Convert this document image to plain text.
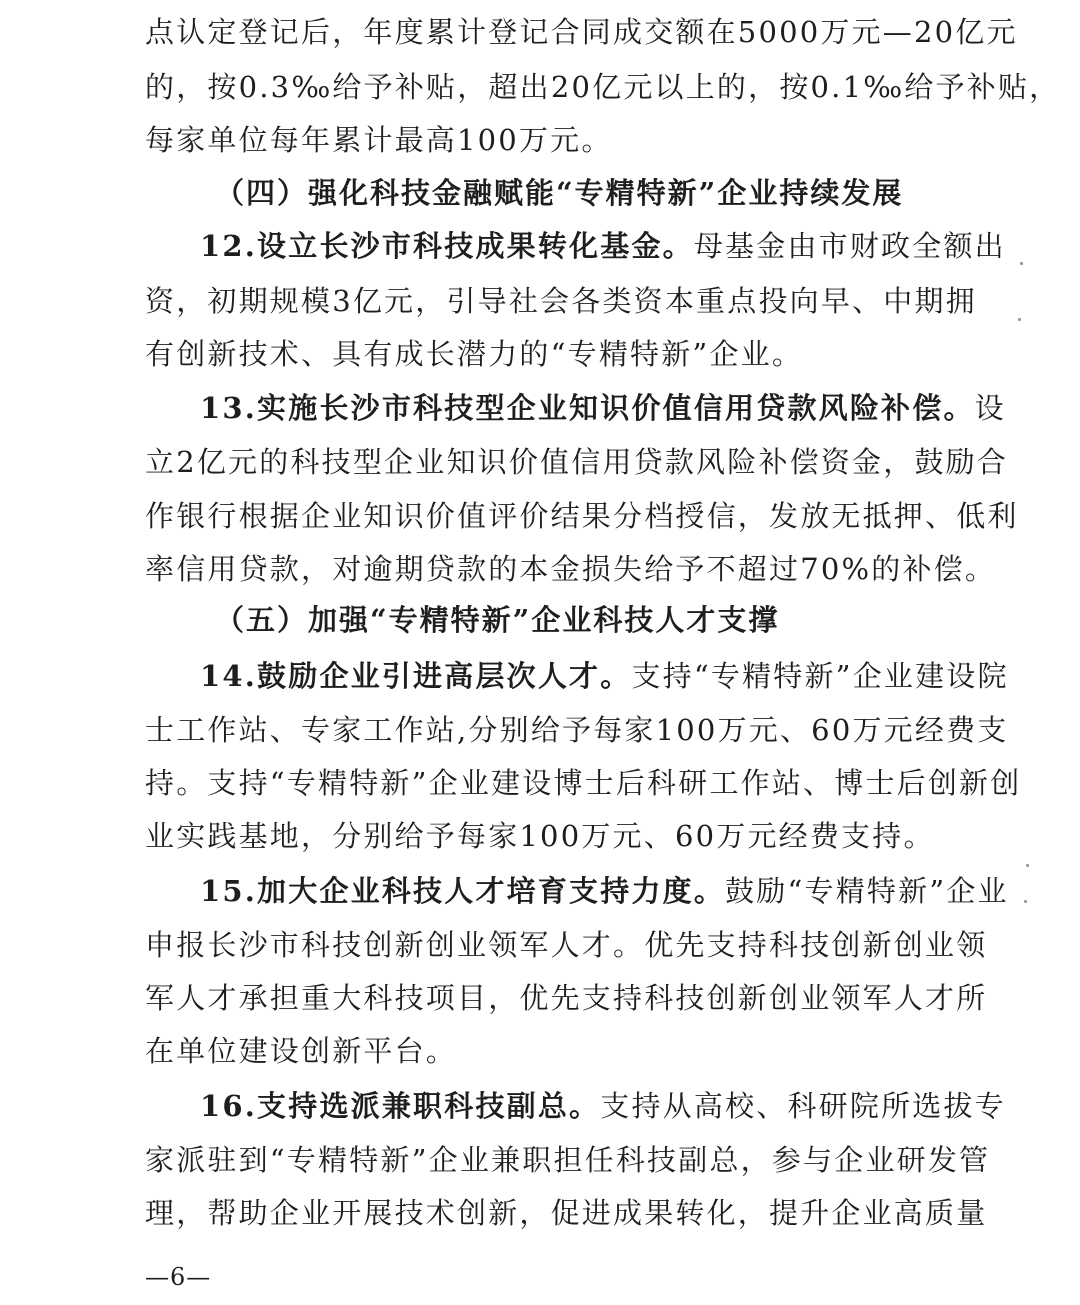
点认定登记后，年度累计登记合同成交额在5000万元—20亿元
的，按0.3‰给予补贴，超出20亿元以上的，按0.1‰给予补贴，
每家单位每年累计最高100万元。
（四）强化科技金融赋能“专精特新”企业持续发展
12.设立长沙市科技成果转化基金。母基金由市财政全额出
资，初期规模3亿元，引导社会各类资本重点投向早、中期拥
有创新技术、具有成长潜力的“专精特新”企业。
13.实施长沙市科技型企业知识价值信用贷款风险补偿。设
立2亿元的科技型企业知识价值信用贷款风险补偿资金，鼓励合
作银行根据企业知识价值评价结果分档授信，发放无抵押、低利
率信用贷款，对逾期贷款的本金损失给予不超过70%的补偿。
（五）加强“专精特新”企业科技人才支撑
14.鼓励企业引进高层次人才。支持“专精特新”企业建设院
士工作站、专家工作站,分别给予每家100万元、60万元经费支
持。支持“专精特新”企业建设博士后科研工作站、博士后创新创
业实践基地，分别给予每家100万元、60万元经费支持。
15.加大企业科技人才培育支持力度。鼓励“专精特新”企业
申报长沙市科技创新创业领军人才。优先支持科技创新创业领
军人才承担重大科技项目，优先支持科技创新创业领军人才所
在单位建设创新平台。
16.支持选派兼职科技副总。支持从高校、科研院所选拔专
家派驻到“专精特新”企业兼职担任科技副总，参与企业研发管
理，帮助企业开展技术创新，促进成果转化，提升企业高质量
—6—
